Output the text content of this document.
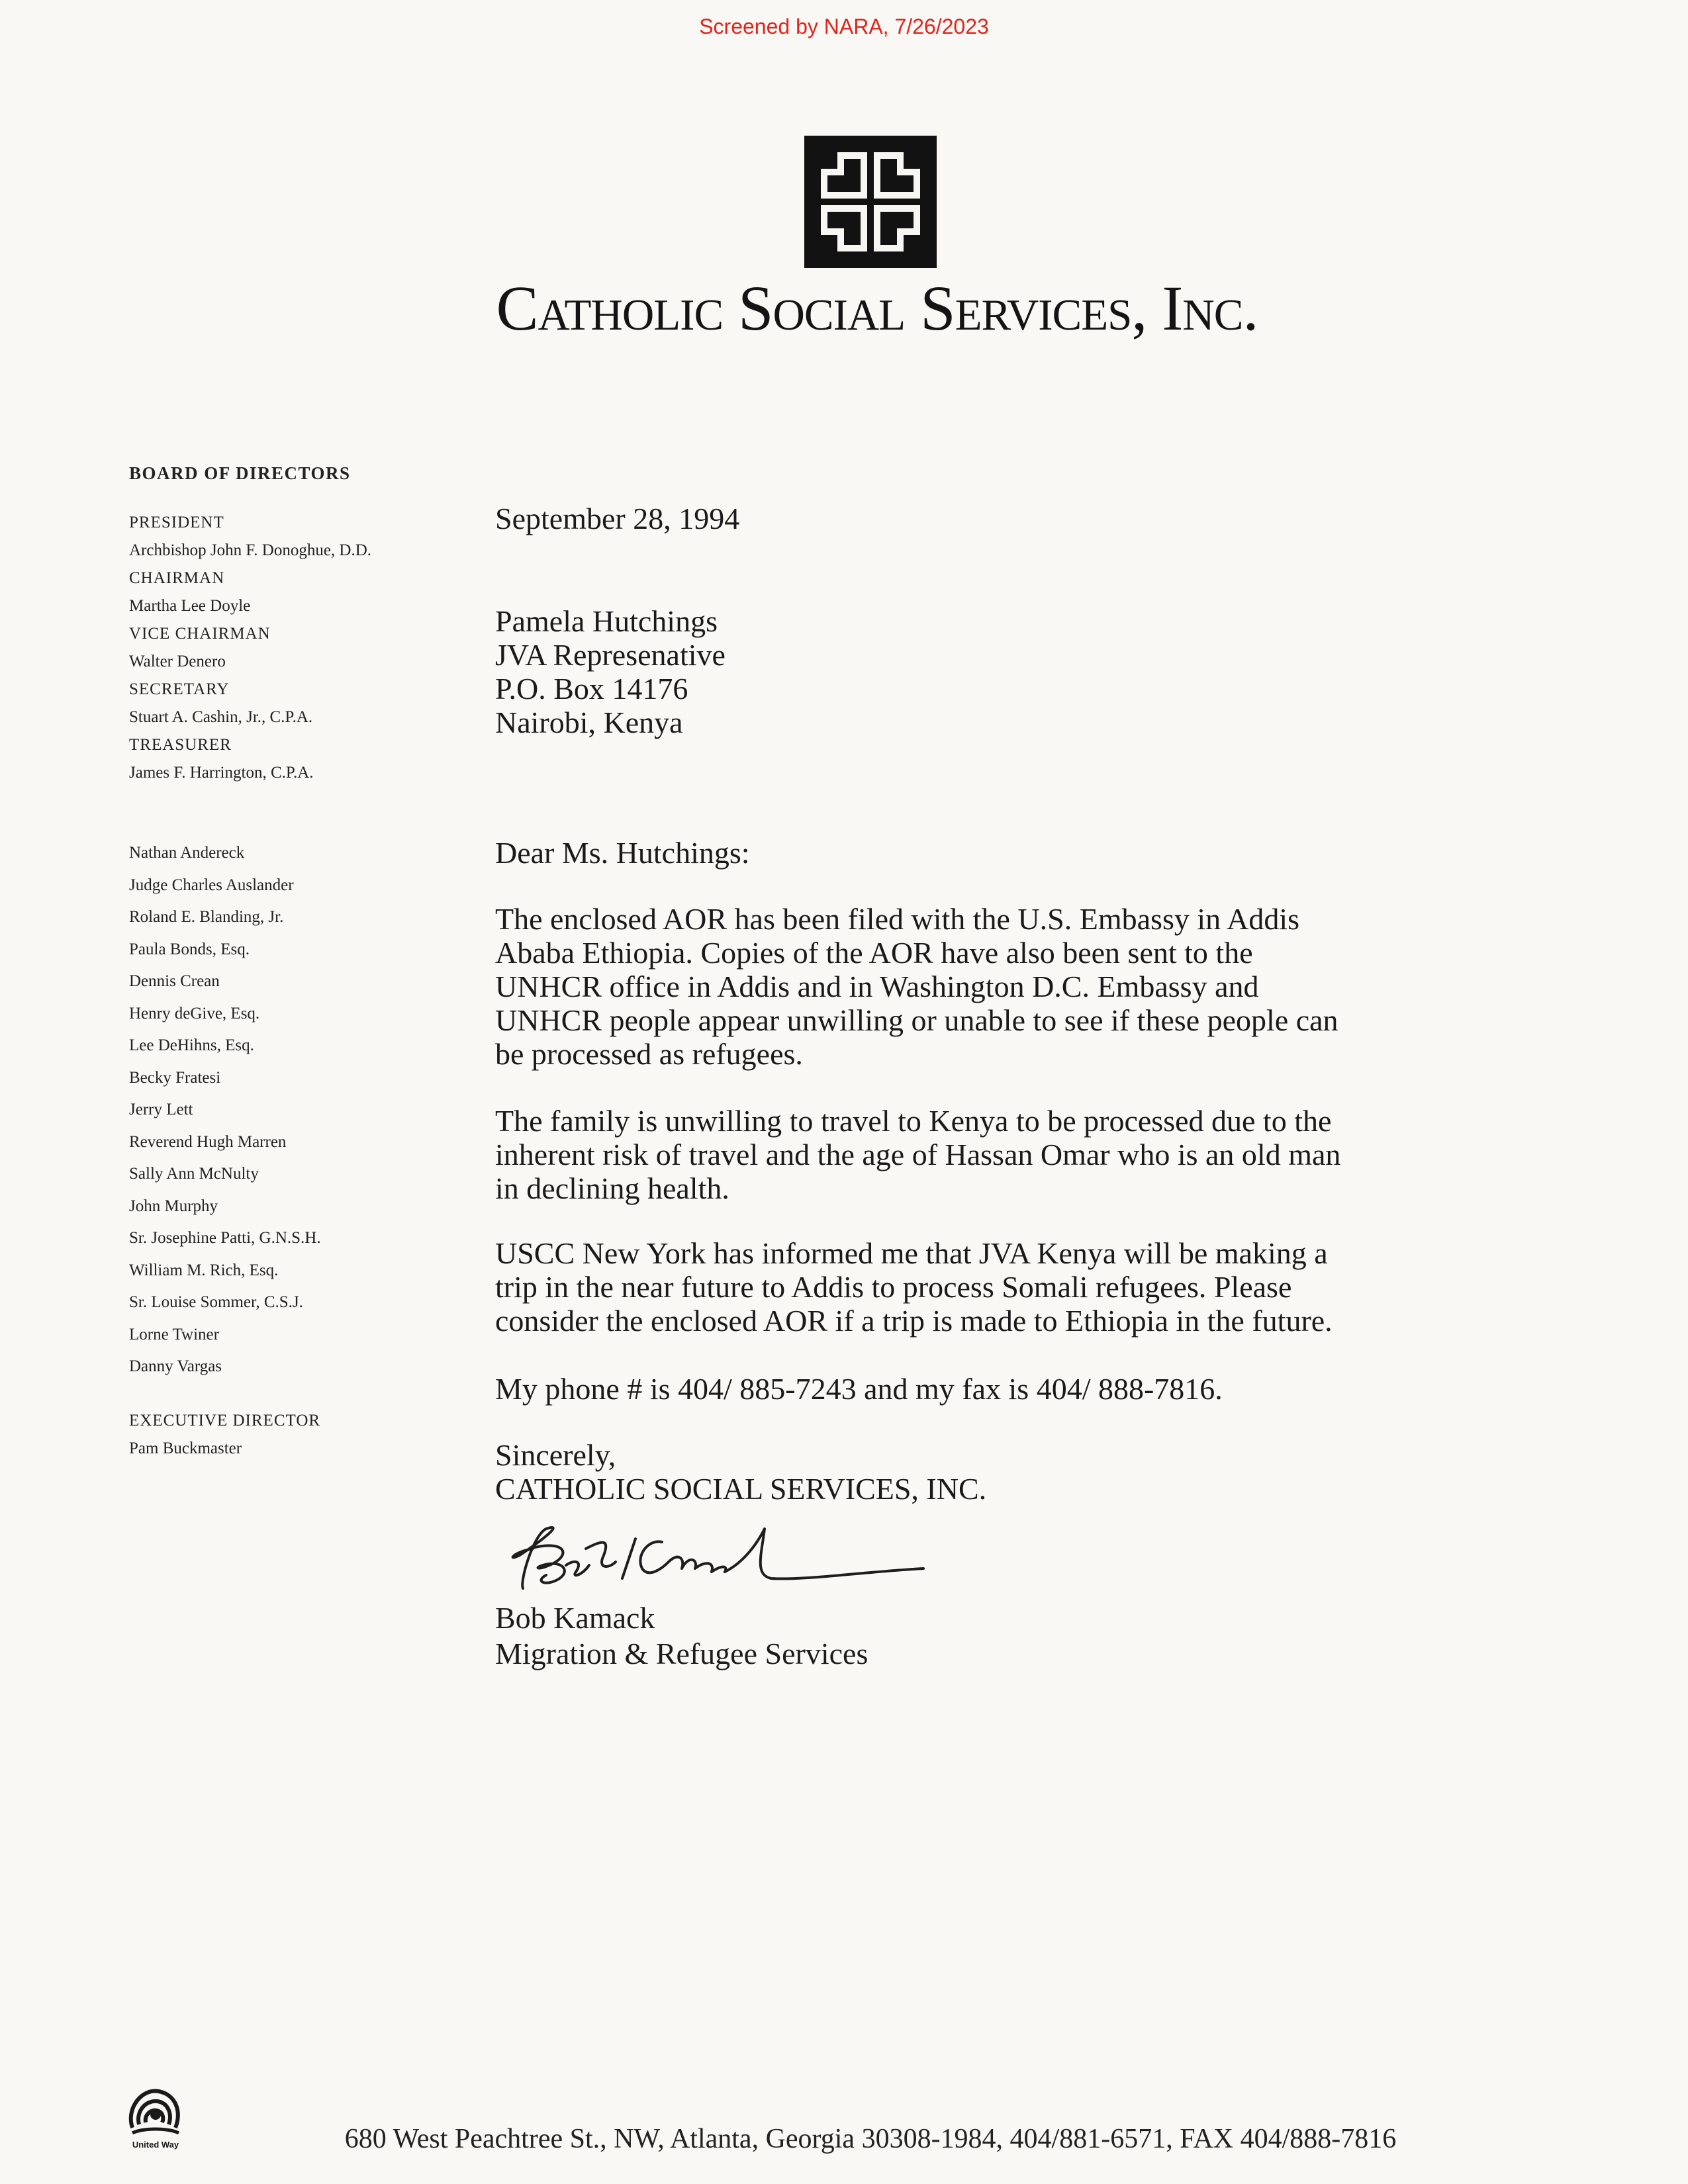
Screened by NARA, 7/26/2023
Catholic Social Services, Inc.
BOARD OF DIRECTORS
PRESIDENT
Archbishop John F. Donoghue, D.D.
CHAIRMAN
Martha Lee Doyle
VICE CHAIRMAN
Walter Denero
SECRETARY
Stuart A. Cashin, Jr., C.P.A.
TREASURER
James F. Harrington, C.P.A.
Nathan Andereck
Judge Charles Auslander
Roland E. Blanding, Jr.
Paula Bonds, Esq.
Dennis Crean
Henry deGive, Esq.
Lee DeHihns, Esq.
Becky Fratesi
Jerry Lett
Reverend Hugh Marren
Sally Ann McNulty
John Murphy
Sr. Josephine Patti, G.N.S.H.
William M. Rich, Esq.
Sr. Louise Sommer, C.S.J.
Lorne Twiner
Danny Vargas
EXECUTIVE DIRECTOR
Pam Buckmaster
September 28, 1994
Pamela Hutchings
JVA Represenative
P.O. Box 14176
Nairobi, Kenya
Dear Ms. Hutchings:
The enclosed AOR has been filed with the U.S. Embassy in Addis
Ababa Ethiopia. Copies of the AOR have also been sent to the
UNHCR office in Addis and in Washington D.C. Embassy and
UNHCR people appear unwilling or unable to see if these people can
be processed as refugees.
The family is unwilling to travel to Kenya to be processed due to the
inherent risk of travel and the age of Hassan Omar who is an old man
in declining health.
USCC New York has informed me that JVA Kenya will be making a
trip in the near future to Addis to process Somali refugees. Please
consider the enclosed AOR if a trip is made to Ethiopia in the future.
My phone # is 404/ 885-7243 and my fax is 404/ 888-7816.
Sincerely,
CATHOLIC SOCIAL SERVICES, INC.
Bob Kamack
Migration & Refugee Services
United Way	680 West Peachtree St., NW, Atlanta, Georgia 30308-1984, 404/881-6571, FAX 404/888-7816
